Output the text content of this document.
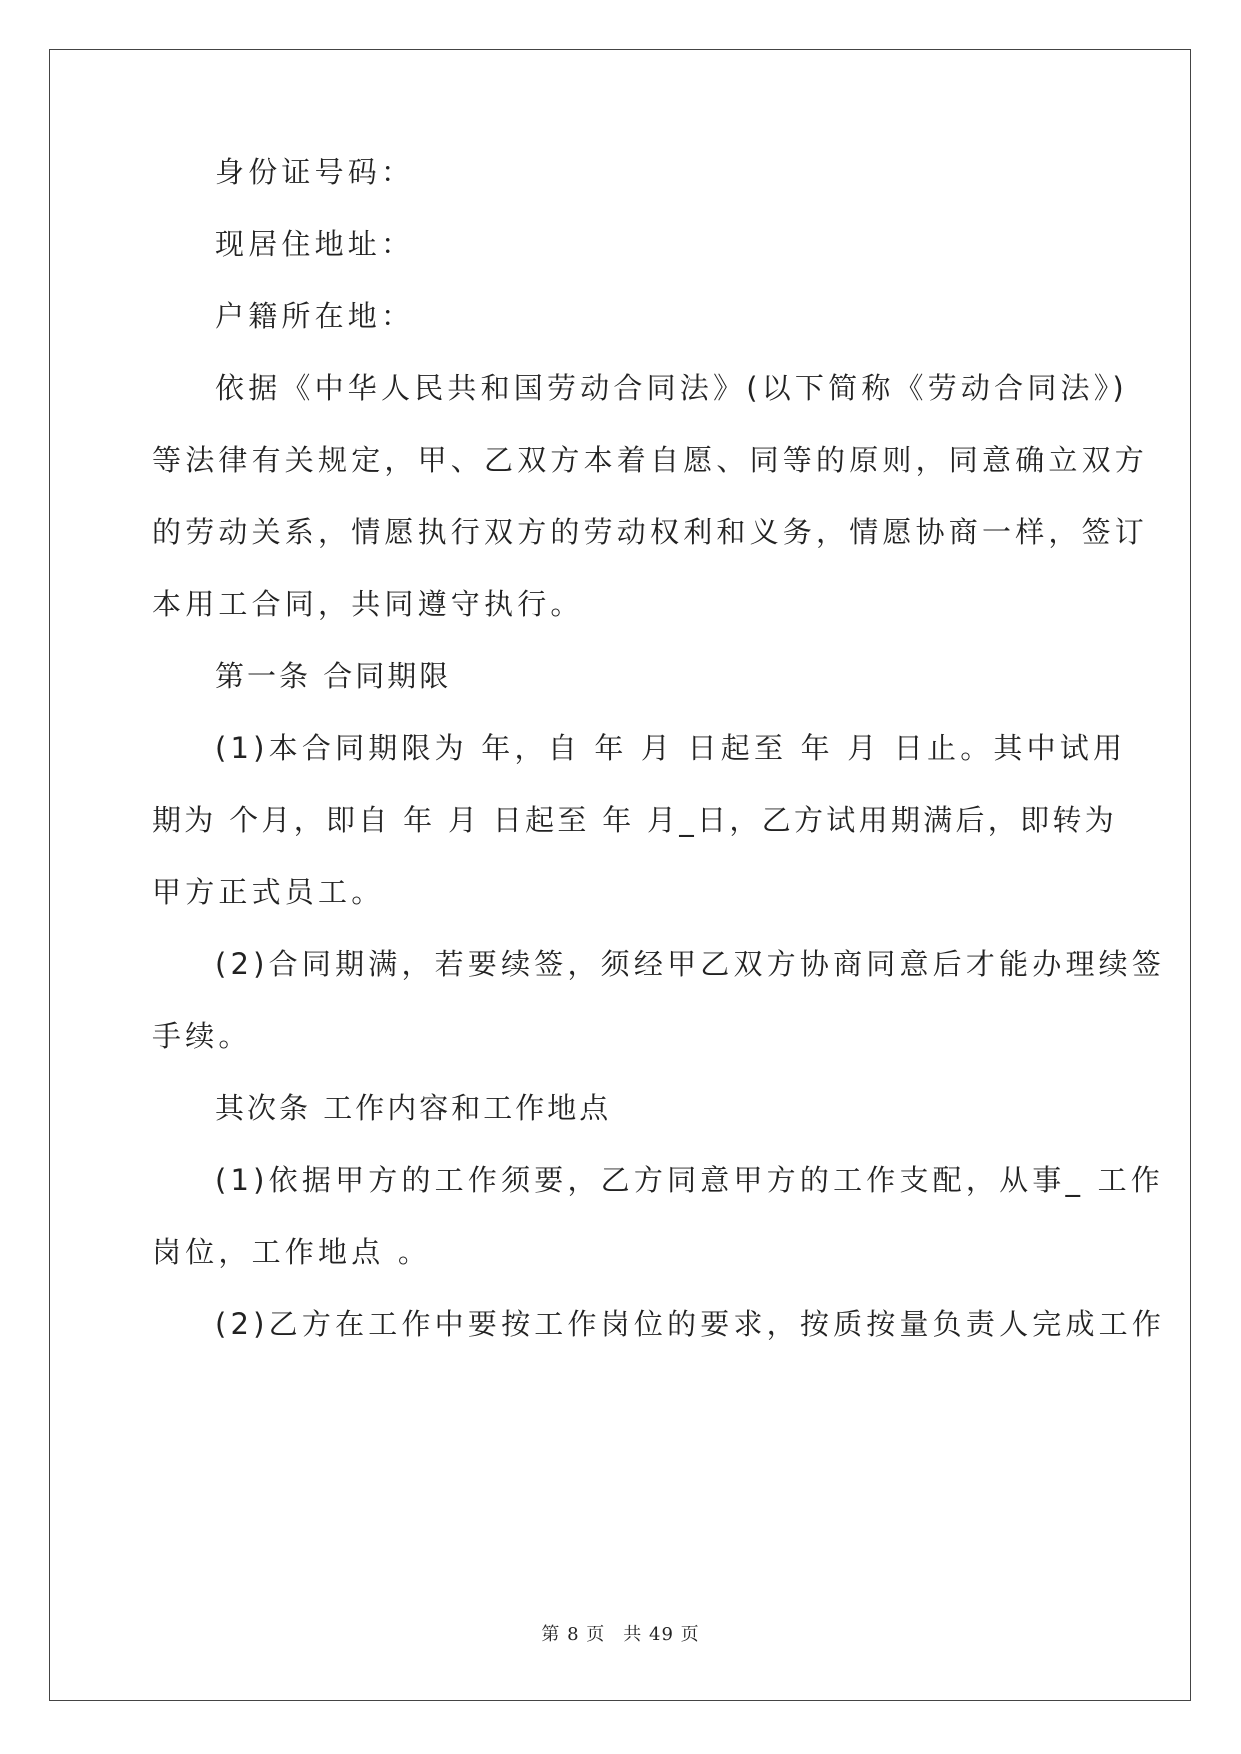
身份证号码：
现居住地址：
户籍所在地：
依据《中华人民共和国劳动合同法》(以下简称《劳动合同法》)
等法律有关规定，甲、乙双方本着自愿、同等的原则，同意确立双方
的劳动关系，情愿执行双方的劳动权利和义务，情愿协商一样，签订
本用工合同，共同遵守执行。
第一条 合同期限
(1)本合同期限为 年，自 年 月 日起至 年 月 日止。其中试用
期为 个月，即自 年 月 日起至 年 月_日，乙方试用期满后，即转为
甲方正式员工。
(2)合同期满，若要续签，须经甲乙双方协商同意后才能办理续签
手续。
其次条 工作内容和工作地点
(1)依据甲方的工作须要，乙方同意甲方的工作支配，从事_ 工作
岗位，工作地点 。
(2)乙方在工作中要按工作岗位的要求，按质按量负责人完成工作
第 8 页 共 49 页
